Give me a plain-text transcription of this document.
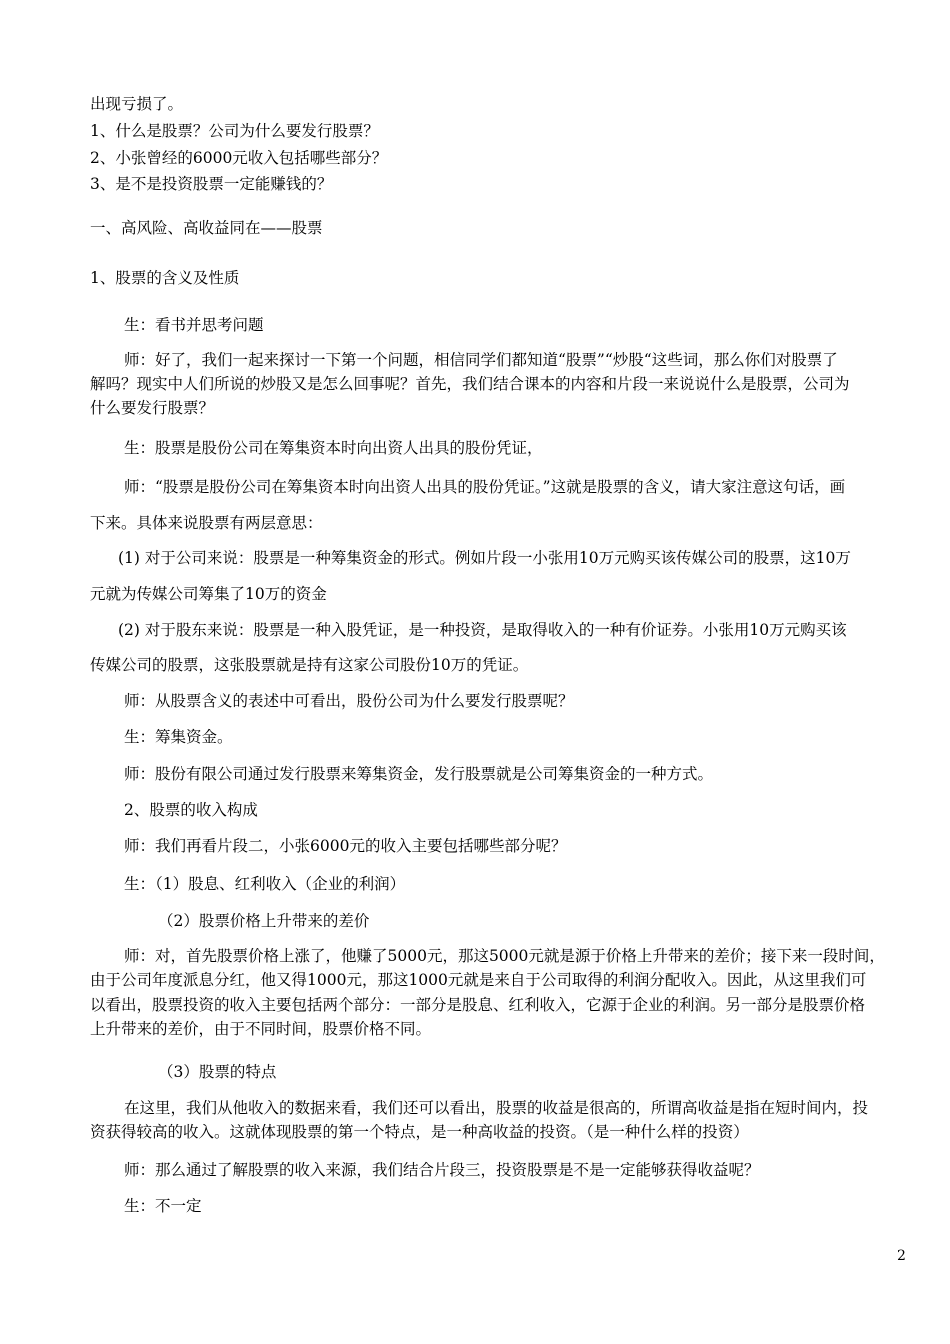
出现亏损了。
1、什么是股票？公司为什么要发行股票？
2、小张曾经的6000元收入包括哪些部分？
3、是不是投资股票一定能赚钱的？
一、高风险、高收益同在——股票
1、股票的含义及性质
生：看书并思考问题
师：好了，我们一起来探讨一下第一个问题，相信同学们都知道“股票”“炒股“这些词，那么你们对股票了
解吗？现实中人们所说的炒股又是怎么回事呢？首先，我们结合课本的内容和片段一来说说什么是股票，公司为
什么要发行股票？
生：股票是股份公司在筹集资本时向出资人出具的股份凭证，
师：“股票是股份公司在筹集资本时向出资人出具的股份凭证。”这就是股票的含义，请大家注意这句话，画
下来。具体来说股票有两层意思：
(1) 对于公司来说：股票是一种筹集资金的形式。例如片段一小张用10万元购买该传媒公司的股票，这10万
元就为传媒公司筹集了10万的资金
(2) 对于股东来说：股票是一种入股凭证，是一种投资，是取得收入的一种有价证券。小张用10万元购买该
传媒公司的股票，这张股票就是持有这家公司股份10万的凭证。
师：从股票含义的表述中可看出，股份公司为什么要发行股票呢？
生：筹集资金。
师：股份有限公司通过发行股票来筹集资金，发行股票就是公司筹集资金的一种方式。
2、股票的收入构成
师：我们再看片段二，小张6000元的收入主要包括哪些部分呢？
生：（1）股息、红利收入（企业的利润）
（2）股票价格上升带来的差价
师：对，首先股票价格上涨了，他赚了5000元，那这5000元就是源于价格上升带来的差价；接下来一段时间，
由于公司年度派息分红，他又得1000元，那这1000元就是来自于公司取得的利润分配收入。因此，从这里我们可
以看出，股票投资的收入主要包括两个部分：一部分是股息、红利收入，它源于企业的利润。另一部分是股票价格
上升带来的差价，由于不同时间，股票价格不同。
（3）股票的特点
在这里，我们从他收入的数据来看，我们还可以看出，股票的收益是很高的，所谓高收益是指在短时间内，投
资获得较高的收入。这就体现股票的第一个特点，是一种高收益的投资。（是一种什么样的投资）
师：那么通过了解股票的收入来源，我们结合片段三，投资股票是不是一定能够获得收益呢？
生：不一定
2
